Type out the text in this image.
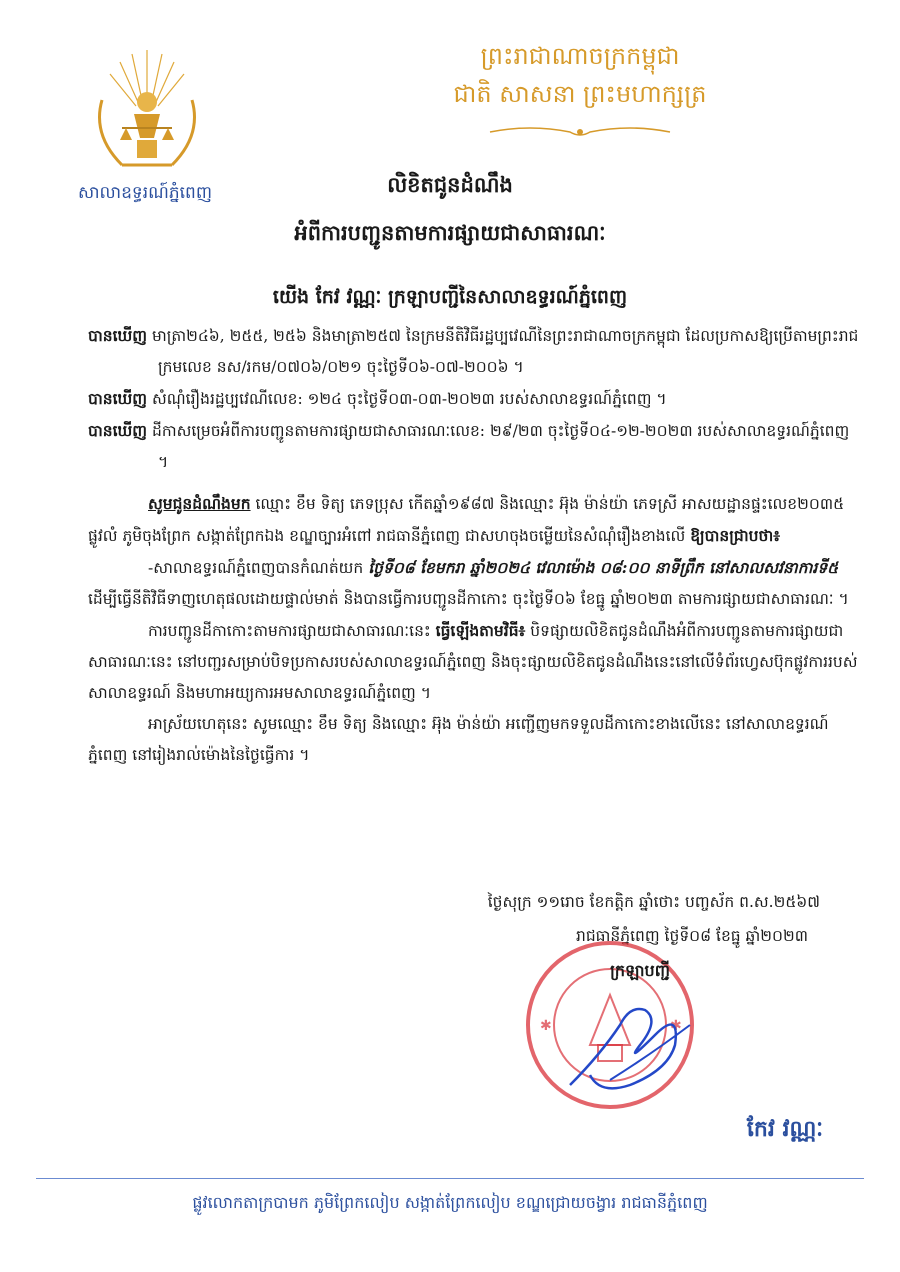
សាលាឧទ្ធរណ៍ភ្នំពេញ
ព្រះរាជាណាចក្រកម្ពុជា
ជាតិ សាសនា ព្រះមហាក្សត្រ
លិខិតជូនដំណឹង
អំពីការបញ្ជូនតាមការផ្សាយជាសាធារណៈ
យើង កែវ វណ្ណៈ ក្រឡាបញ្ជីនៃសាលាឧទ្ធរណ៍ភ្នំពេញ

បានឃើញ មាត្រា២៤៦, ២៥៥, ២៥៦ និងមាត្រា២៥៧ នៃក្រមនីតិវិធីរដ្ឋប្បវេណីនៃព្រះរាជាណាចក្រកម្ពុជា ដែលប្រកាសឱ្យប្រើតាមព្រះរាជក្រមលេខ នស/រកម/០៧០៦/០២១ ចុះថ្ងៃទី០៦-០៧-២០០៦ ។

បានឃើញ សំណុំរឿងរដ្ឋប្បវេណីលេខ: ១២៤ ចុះថ្ងៃទី០៣-០៣-២០២៣ របស់សាលាឧទ្ធរណ៍ភ្នំពេញ ។

បានឃើញ ដីកាសម្រេចអំពីការបញ្ជូនតាមការផ្សាយជាសាធារណៈលេខ: ២៩/២៣ ចុះថ្ងៃទី០៤-១២-២០២៣ របស់សាលាឧទ្ធរណ៍ភ្នំពេញ ។

សូមជូនដំណឹងមក ឈ្មោះ ខឹម ទិត្យ ភេទប្រុស កើតឆ្នាំ១៩៨៧ និងឈ្មោះ អ៊ុង ម៉ាន់យ៉ា ភេទស្រី អាសយដ្ឋានផ្ទះលេខ២០៣៥ ផ្លូវលំ ភូមិចុងព្រែក សង្កាត់ព្រែកឯង ខណ្ឌច្បារអំពៅ រាជធានីភ្នំពេញ ជាសហចុងចម្លើយនៃសំណុំរឿងខាងលើ ឱ្យបានជ្រាបថា៖

-សាលាឧទ្ធរណ៍ភ្នំពេញបានកំណត់យក ថ្ងៃទី០៨ ខែមករា ឆ្នាំ២០២៤ វេលាម៉ោង ០៨:០០ នាទីព្រឹក នៅសាលសវនាការទី៥ ដើម្បីធ្វើនីតិវិធីទាញហេតុផលដោយផ្ទាល់មាត់ និងបានធ្វើការបញ្ជូនដីកាកោះ ចុះថ្ងៃទី០៦ ខែធ្នូ ឆ្នាំ២០២៣ តាមការផ្សាយជាសាធារណៈ ។

ការបញ្ជូនដីកាកោះតាមការផ្សាយជាសាធារណៈនេះ ធ្វើឡើងតាមវិធី៖ បិទផ្សាយលិខិតជូនដំណឹងអំពីការបញ្ជូនតាមការផ្សាយជាសាធារណៈនេះ នៅបញ្ជរសម្រាប់បិទប្រកាសរបស់សាលាឧទ្ធរណ៍ភ្នំពេញ និងចុះផ្សាយលិខិតជូនដំណឹងនេះនៅលើទំព័រហ្វេសប៊ុកផ្លូវការរបស់ សាលាឧទ្ធរណ៍ និងមហាអយ្យការអមសាលាឧទ្ធរណ៍ភ្នំពេញ ។

អាស្រ័យហេតុនេះ សូមឈ្មោះ ខឹម ទិត្យ និងឈ្មោះ អ៊ុង ម៉ាន់យ៉ា អញ្ជើញមកទទួលដីកាកោះខាងលើនេះ នៅសាលាឧទ្ធរណ៍ភ្នំពេញ នៅរៀងរាល់ម៉ោងនៃថ្ងៃធ្វើការ ។

ថ្ងៃសុក្រ ១១រោច ខែកត្តិក ឆ្នាំថោះ បញ្ចស័ក ព.ស.២៥៦៧
រាជធានីភ្នំពេញ ថ្ងៃទី០៨ ខែធ្នូ ឆ្នាំ២០២៣
✱	✱
ក្រឡាបញ្ជី
កែវ វណ្ណៈ
ផ្លូវលោកតាក្របាមក ភូមិព្រែកលៀប សង្កាត់ព្រែកលៀប ខណ្ឌជ្រោយចង្វារ រាជធានីភ្នំពេញ
